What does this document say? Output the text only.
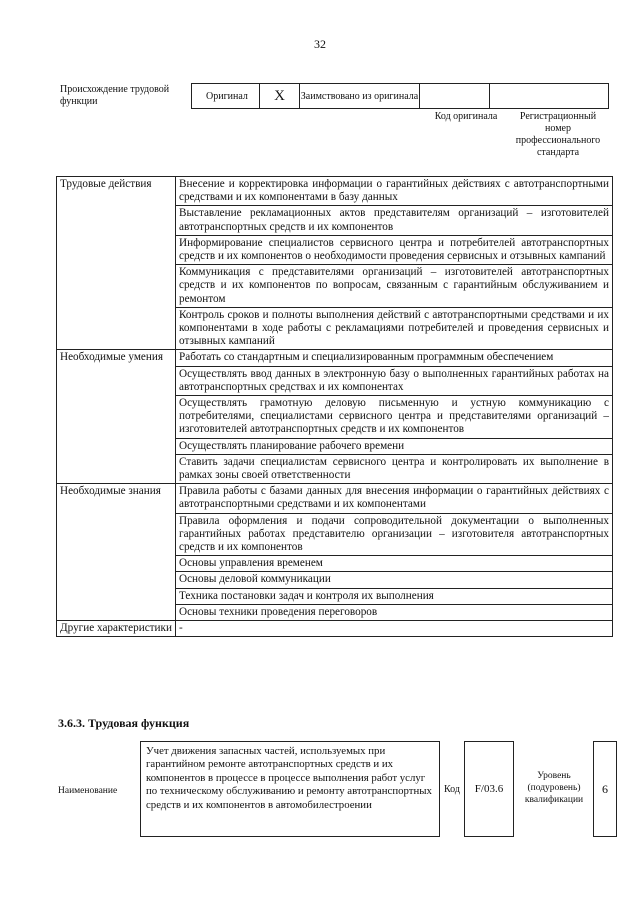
32
Происхождение трудовой функции	Оригинал	X	Заимствовано из оригинала
Код оригинала	Регистрационный номер профессионального стандарта
Трудовые действия	Внесение и корректировка информации о гарантийных действиях с автотранспортными средствами и их компонентами в базу данных
	Выставление рекламационных актов представителям организаций – изготовителей автотранспортных средств и их компонентов
	Информирование специалистов сервисного центра и потребителей автотранспортных средств и их компонентов о необходимости проведения сервисных и отзывных кампаний
	Коммуникация с представителями организаций – изготовителей автотранспортных средств и их компонентов по вопросам, связанным с гарантийным обслуживанием и ремонтом
	Контроль сроков и полноты выполнения действий с автотранспортными средствами и их компонентами в ходе работы с рекламациями потребителей и проведения сервисных и отзывных кампаний
Необходимые умения	Работать со стандартным и специализированным программным обеспечением
	Осуществлять ввод данных в электронную базу о выполненных гарантийных работах на автотранспортных средствах и их компонентах
	Осуществлять грамотную деловую письменную и устную коммуникацию с потребителями, специалистами сервисного центра и представителями организаций – изготовителей автотранспортных средств и их компонентов
	Осуществлять планирование рабочего времени
	Ставить задачи специалистам сервисного центра и контролировать их выполнение в рамках зоны своей ответственности
Необходимые знания	Правила работы с базами данных для внесения информации о гарантийных действиях с автотранспортными средствами и их компонентами
	Правила оформления и подачи сопроводительной документации о выполненных гарантийных работах представителю организации – изготовителя автотранспортных средств и их компонентов
	Основы управления временем
	Основы деловой коммуникации
	Техника постановки задач и контроля их выполнения
	Основы техники проведения переговоров
Другие характеристики	-
3.6.3. Трудовая функция
Наименование
Учет движения запасных частей, используемых при гарантийном ремонте автотранспортных средств и их компонентов в процессе в процессе выполнения работ услуг по техническому обслуживанию и ремонту автотранспортных средств и их компонентов в автомобилестроении
Код	F/03.6
Уровень (подуровень) квалификации
6
